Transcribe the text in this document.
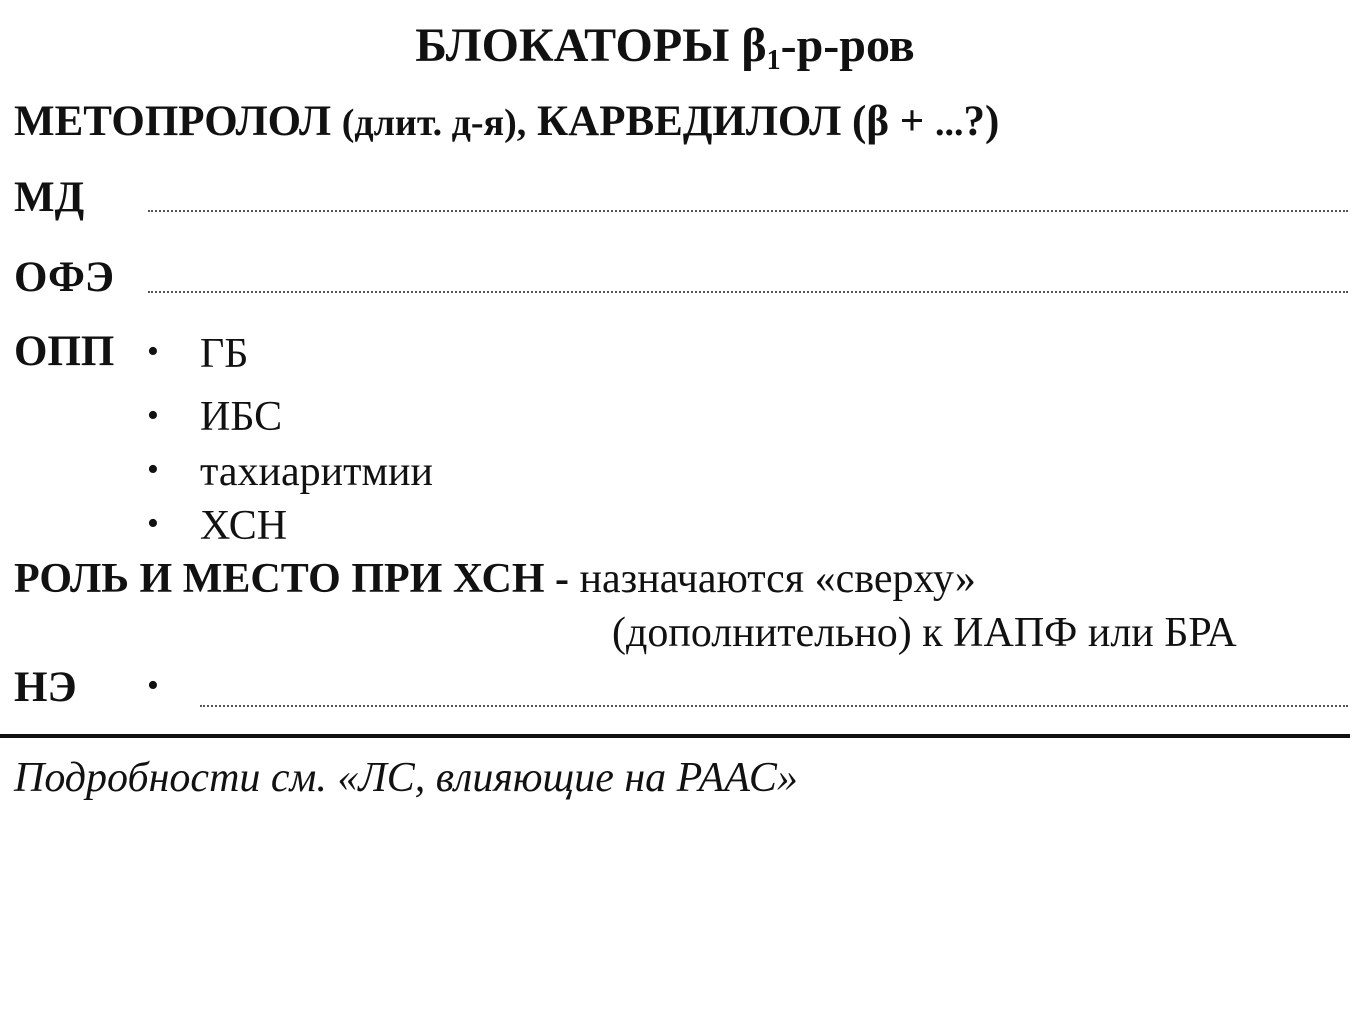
БЛОКАТОРЫ $\beta_1-р$-ров
МЕТОПРОЛОЛ (длит. д-я), КАРВЕДИЛОЛ (β + ...?)
МД
ОФЭ
ОПП • ГБ
• ИБС
• тахиаритмии
• ХСН
РОЛЬ И МЕСТО ПРИ ХСН - назначаются «сверху»
(дополнительно) к ИАПФ или БРА
НЭ •
Подробности см. «ЛС, влияющие на РААС»
